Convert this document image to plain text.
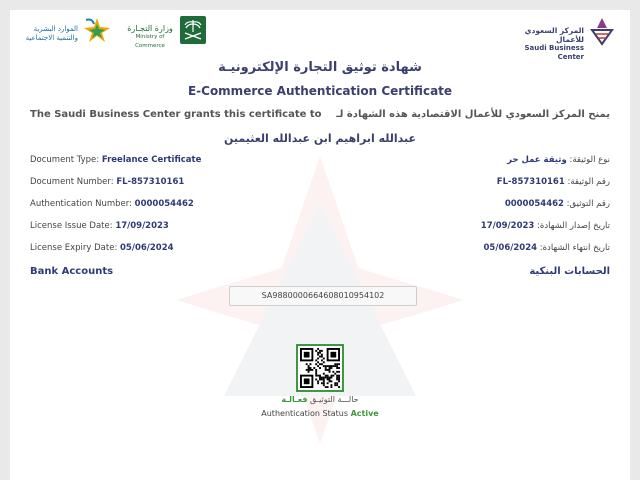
الموارد البشرية
والتنمية الاجتماعية
وزارة التجـارة
Ministry of Commerce
المركز السعودي للأعمال
Saudi Business Center
شهادة توثيق التجارة الإلكترونيـة
E-Commerce Authentication Certificate
The Saudi Business Center grants this certificate to يمنح المركز السعودي للأعمال الاقتصادية هذه الشهادة لـ
عبدالله ابراهيم ابن عبدالله العثيمين
Document Type: Freelance Certificate
Document Number: FL-857310161
Authentication Number: 0000054462
License Issue Date: 17/09/2023
License Expiry Date: 05/06/2024
نوع الوثيقة: وثيقة عمل حر
رقم الوثيقة: FL-857310161
رقم التوثيق: 0000054462
تاريخ إصدار الشهادة: 17/09/2023
تاريخ انتهاء الشهادة: 05/06/2024
Bank Accounts	الحسابات البنكية
SA9880000664608010954102
حالـــة التوثيـق فعـالـة
Authentication Status Active
